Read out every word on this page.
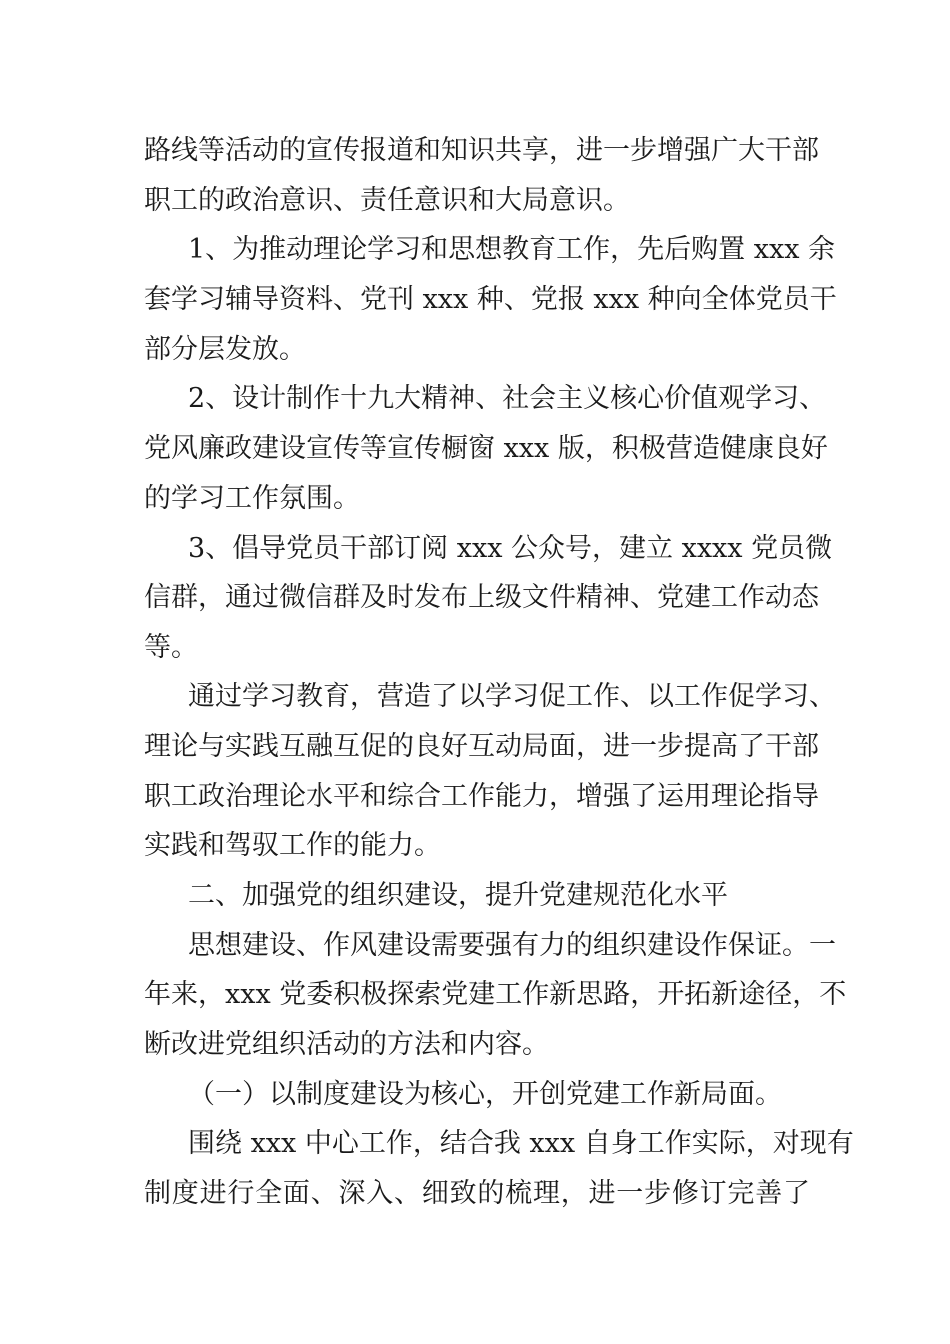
路线等活动的宣传报道和知识共享，进一步增强广大干部

职工的政治意识、责任意识和大局意识。

1、为推动理论学习和思想教育工作，先后购置 xxx 余

套学习辅导资料、党刊 xxx 种、党报 xxx 种向全体党员干

部分层发放。

2、设计制作十九大精神、社会主义核心价值观学习、

党风廉政建设宣传等宣传橱窗 xxx 版，积极营造健康良好

的学习工作氛围。

3、倡导党员干部订阅 xxx 公众号，建立 xxxx 党员微

信群，通过微信群及时发布上级文件精神、党建工作动态

等。

通过学习教育，营造了以学习促工作、以工作促学习、

理论与实践互融互促的良好互动局面，进一步提高了干部

职工政治理论水平和综合工作能力，增强了运用理论指导

实践和驾驭工作的能力。

二、加强党的组织建设，提升党建规范化水平

思想建设、作风建设需要强有力的组织建设作保证。一

年来，xxx 党委积极探索党建工作新思路，开拓新途径，不

断改进党组织活动的方法和内容。

（一）以制度建设为核心，开创党建工作新局面。

围绕 xxx 中心工作，结合我 xxx 自身工作实际，对现有

制度进行全面、深入、细致的梳理，进一步修订完善了
